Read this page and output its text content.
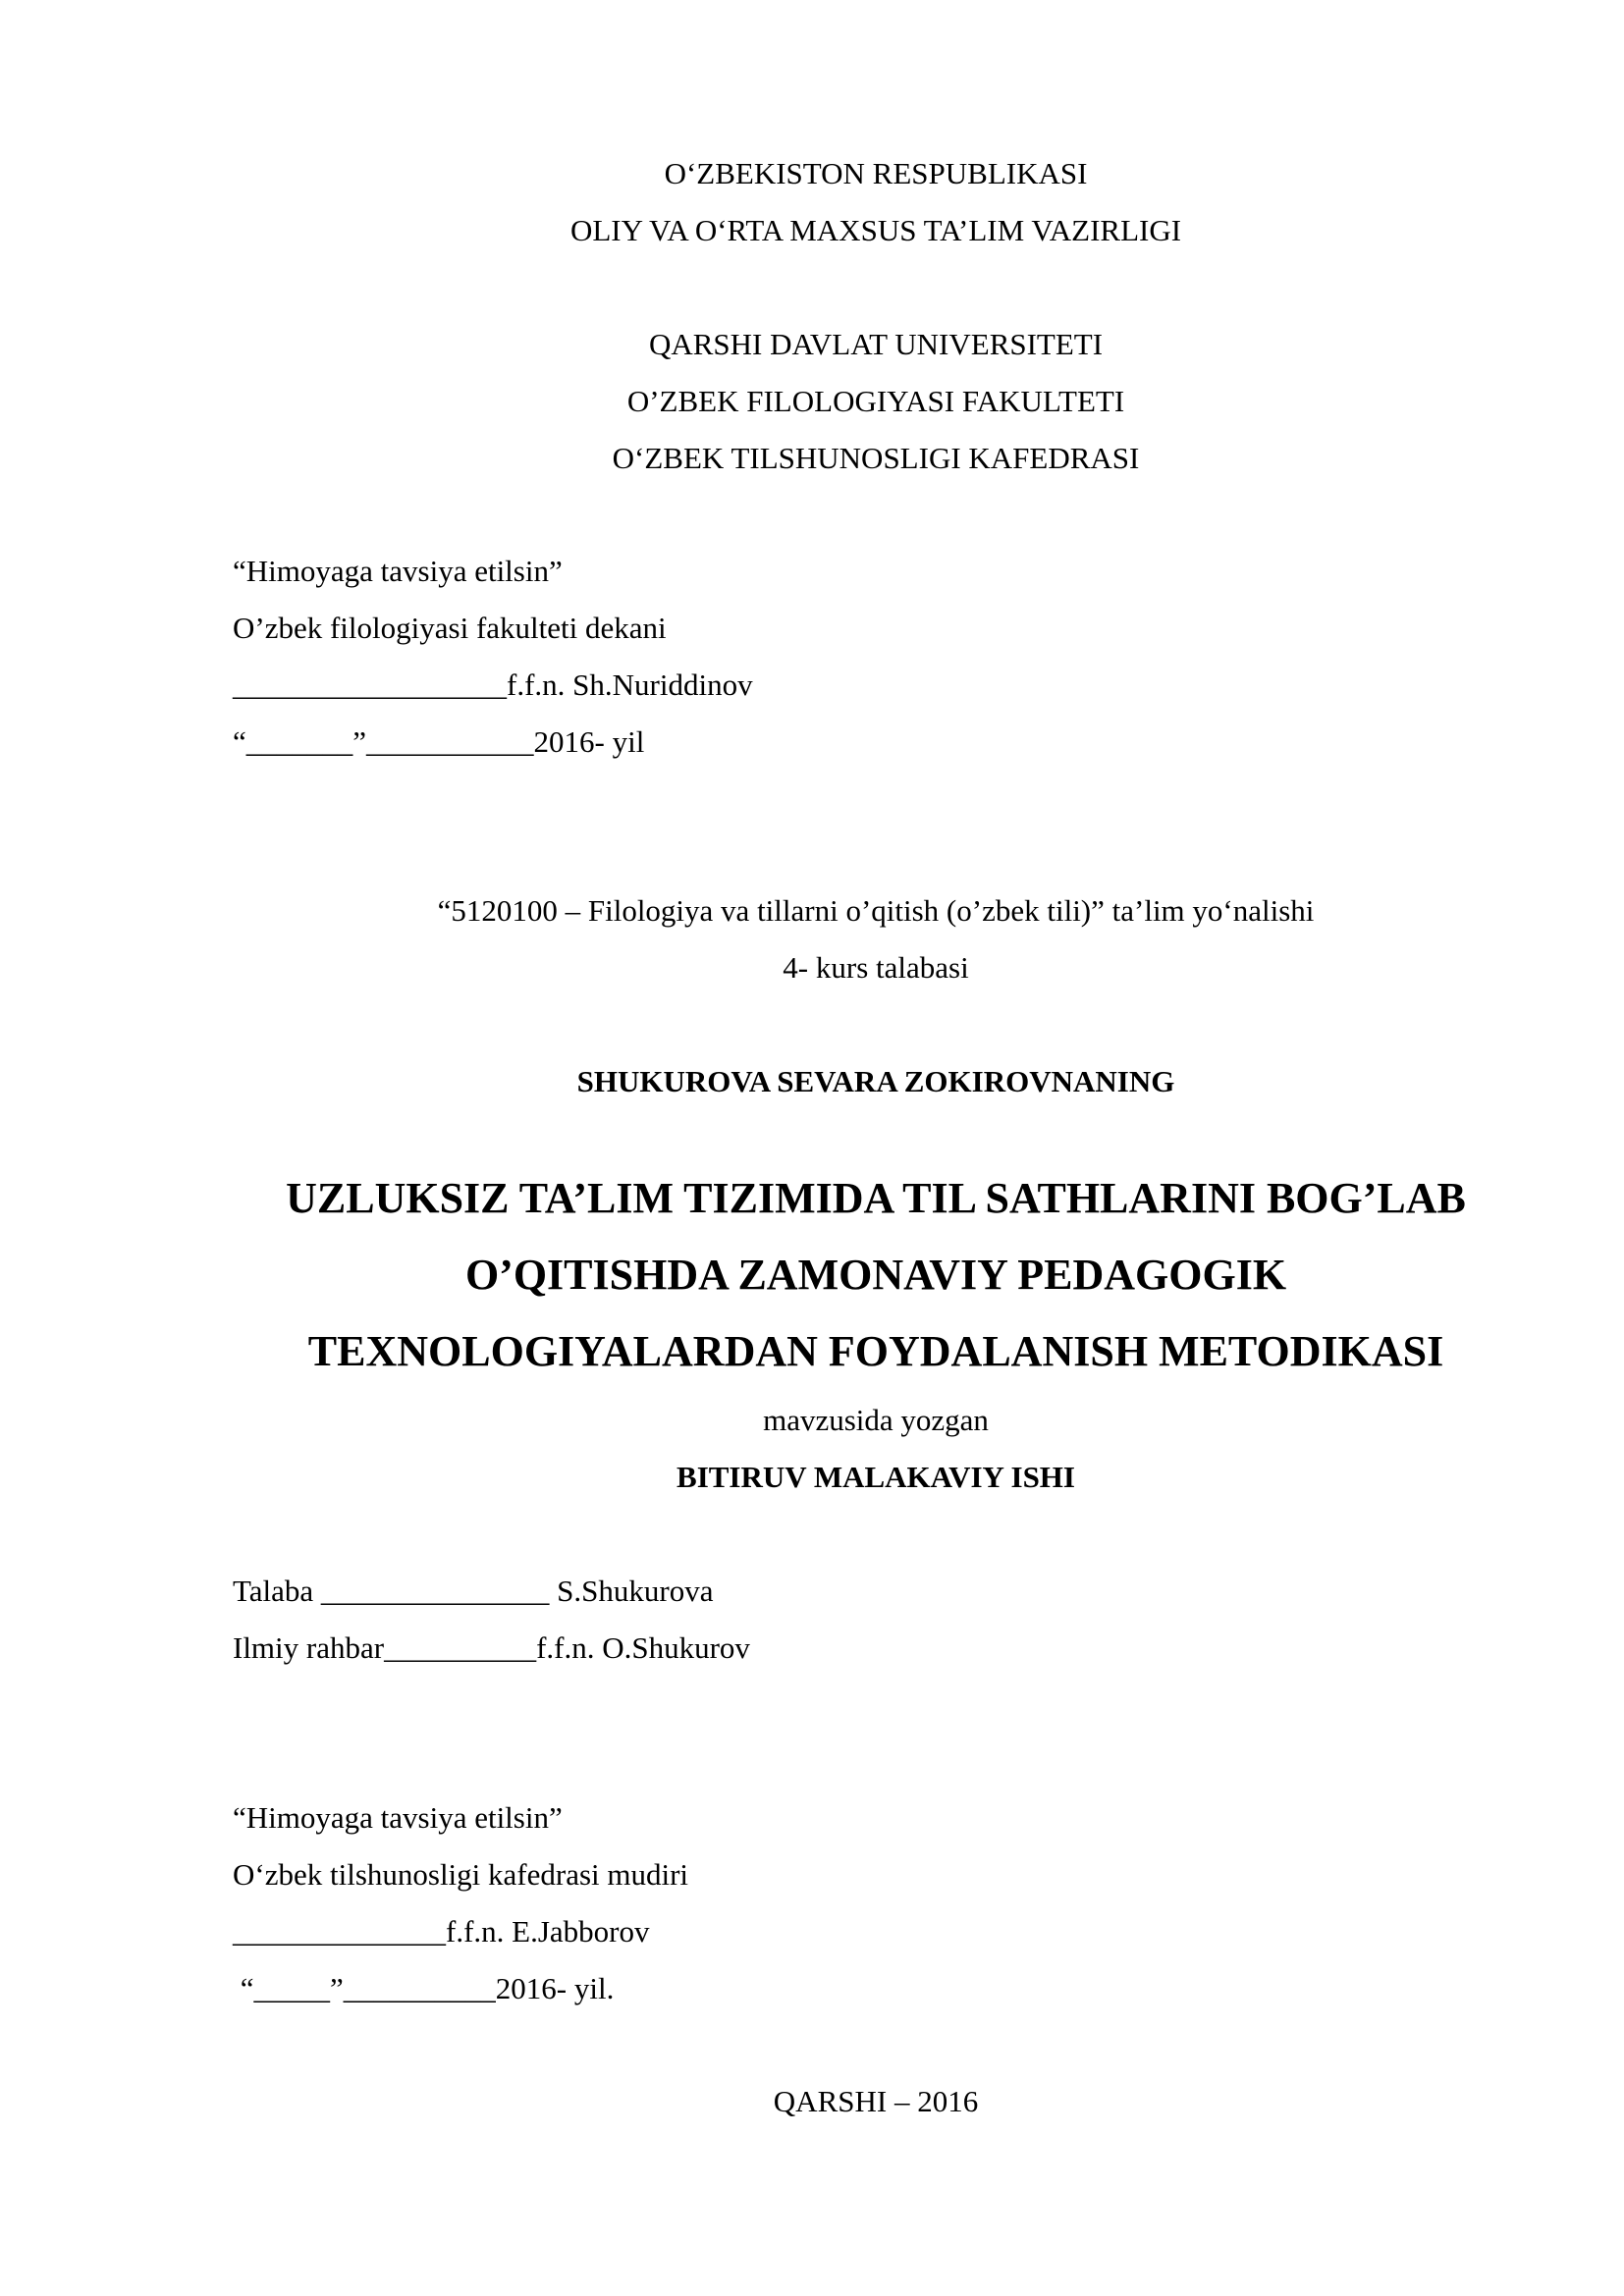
O‘ZBEKISTON RESPUBLIKASI
OLIY VA O‘RTA MAXSUS TA’LIM VAZIRLIGI
QARSHI DAVLAT UNIVERSITETI
O’ZBEK FILOLOGIYASI FAKULTETI
O‘ZBEK TILSHUNOSLIGI KAFEDRASI
“Himoyaga tavsiya etilsin”
O’zbek filologiyasi fakulteti dekani
__________________f.f.n. Sh.Nuriddinov
“_______”___________2016- yil
“5120100 – Filologiya va tillarni o’qitish (o’zbek tili)” ta’lim yo‘nalishi
4- kurs talabasi
SHUKUROVA SEVARA ZOKIROVNANING
UZLUKSIZ TA’LIM TIZIMIDA TIL SATHLARINI BOG’LAB
O’QITISHDA ZAMONAVIY PEDAGOGIK
TEXNOLOGIYALARDAN FOYDALANISH METODIKASI
mavzusida yozgan
BITIRUV MALAKAVIY ISHI
Talaba _______________ S.Shukurova
Ilmiy rahbar__________f.f.n. O.Shukurov
“Himoyaga tavsiya etilsin”
O‘zbek tilshunosligi kafedrasi mudiri
______________f.f.n. E.Jabborov
“_____”__________2016- yil.
QARSHI – 2016
